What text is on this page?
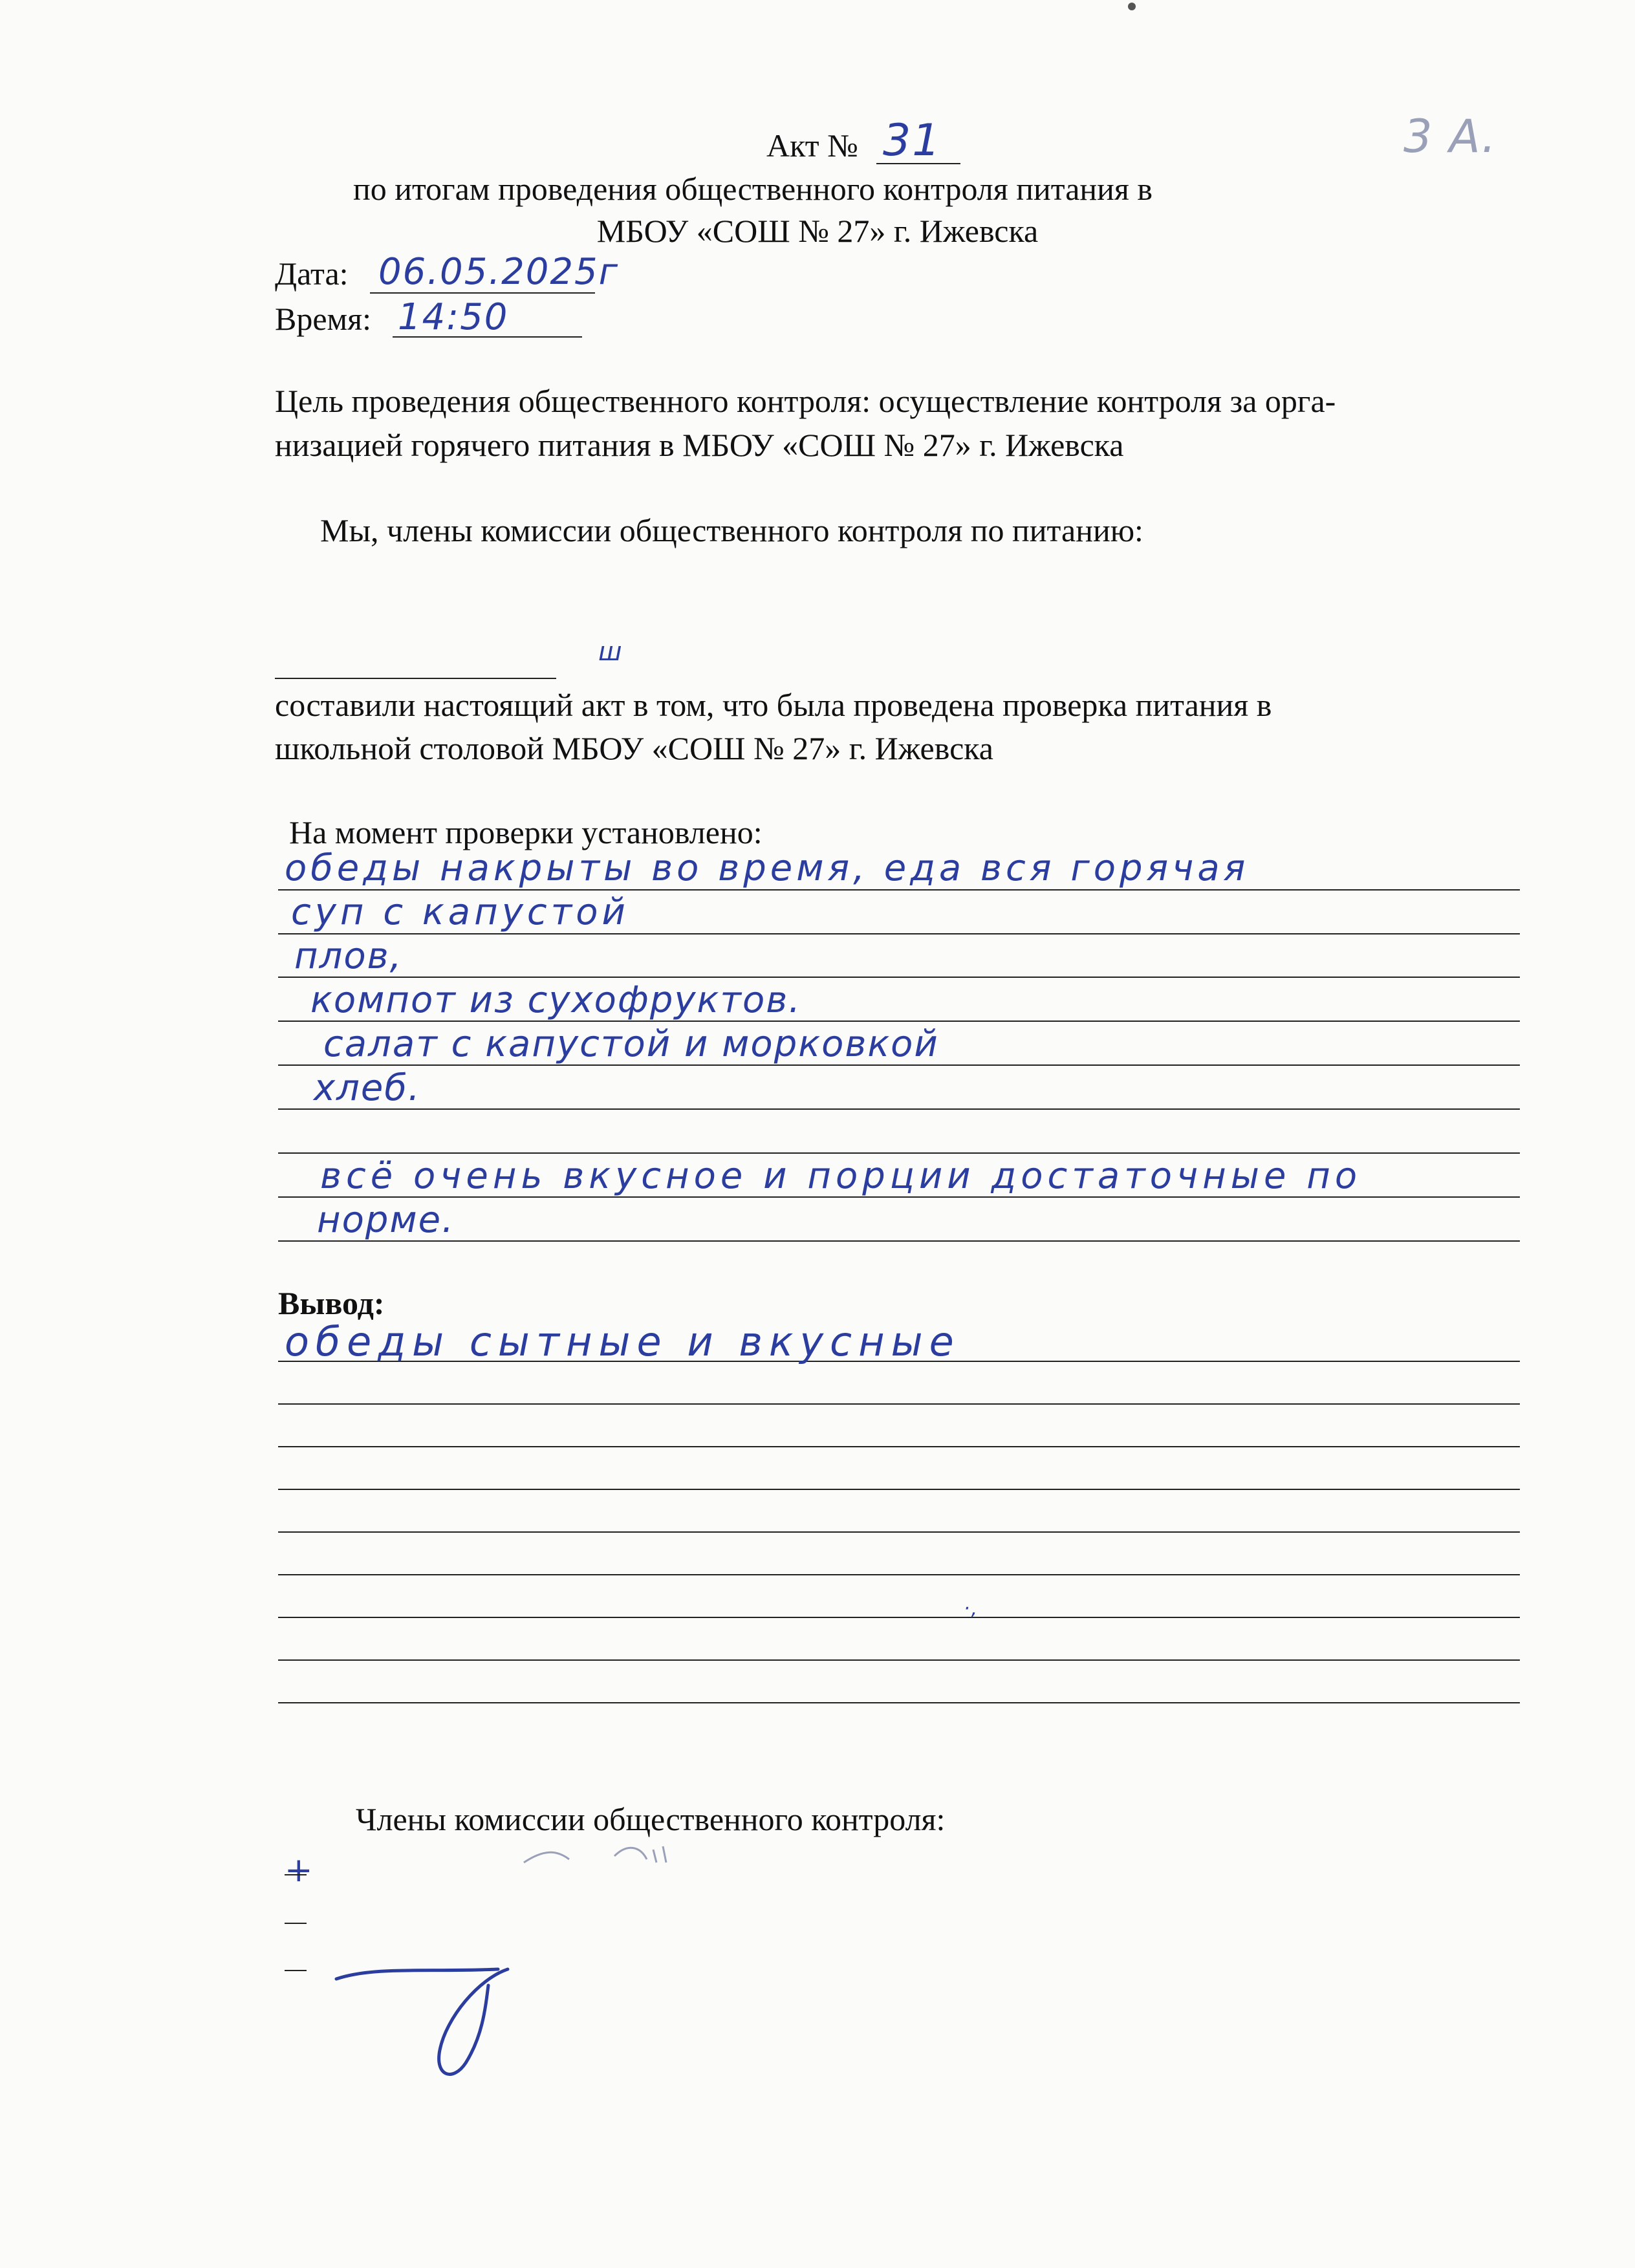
Акт № 31	3 А.
по итогам проведения общественного контроля питания в
МБОУ «СОШ № 27» г. Ижевска
Дата: 06.05.2025г
Время: 14:50
Цель проведения общественного контроля: осуществление контроля за орга-
низацией горячего питания в МБОУ «СОШ № 27» г. Ижевска
Мы, члены комиссии общественного контроля по питанию:
ш
составили настоящий акт в том, что была проведена проверка питания в
школьной столовой МБОУ «СОШ № 27» г. Ижевска
На момент проверки установлено:
обеды накрыты во время, еда вся горячая
суп с капустой
плов,
компот из сухофруктов.
салат с капустой и морковкой
хлеб.
всё очень вкусное и порции достаточные по
норме.
Вывод:
обеды сытные и вкусные
·,
Члены комиссии общественного контроля:
+
